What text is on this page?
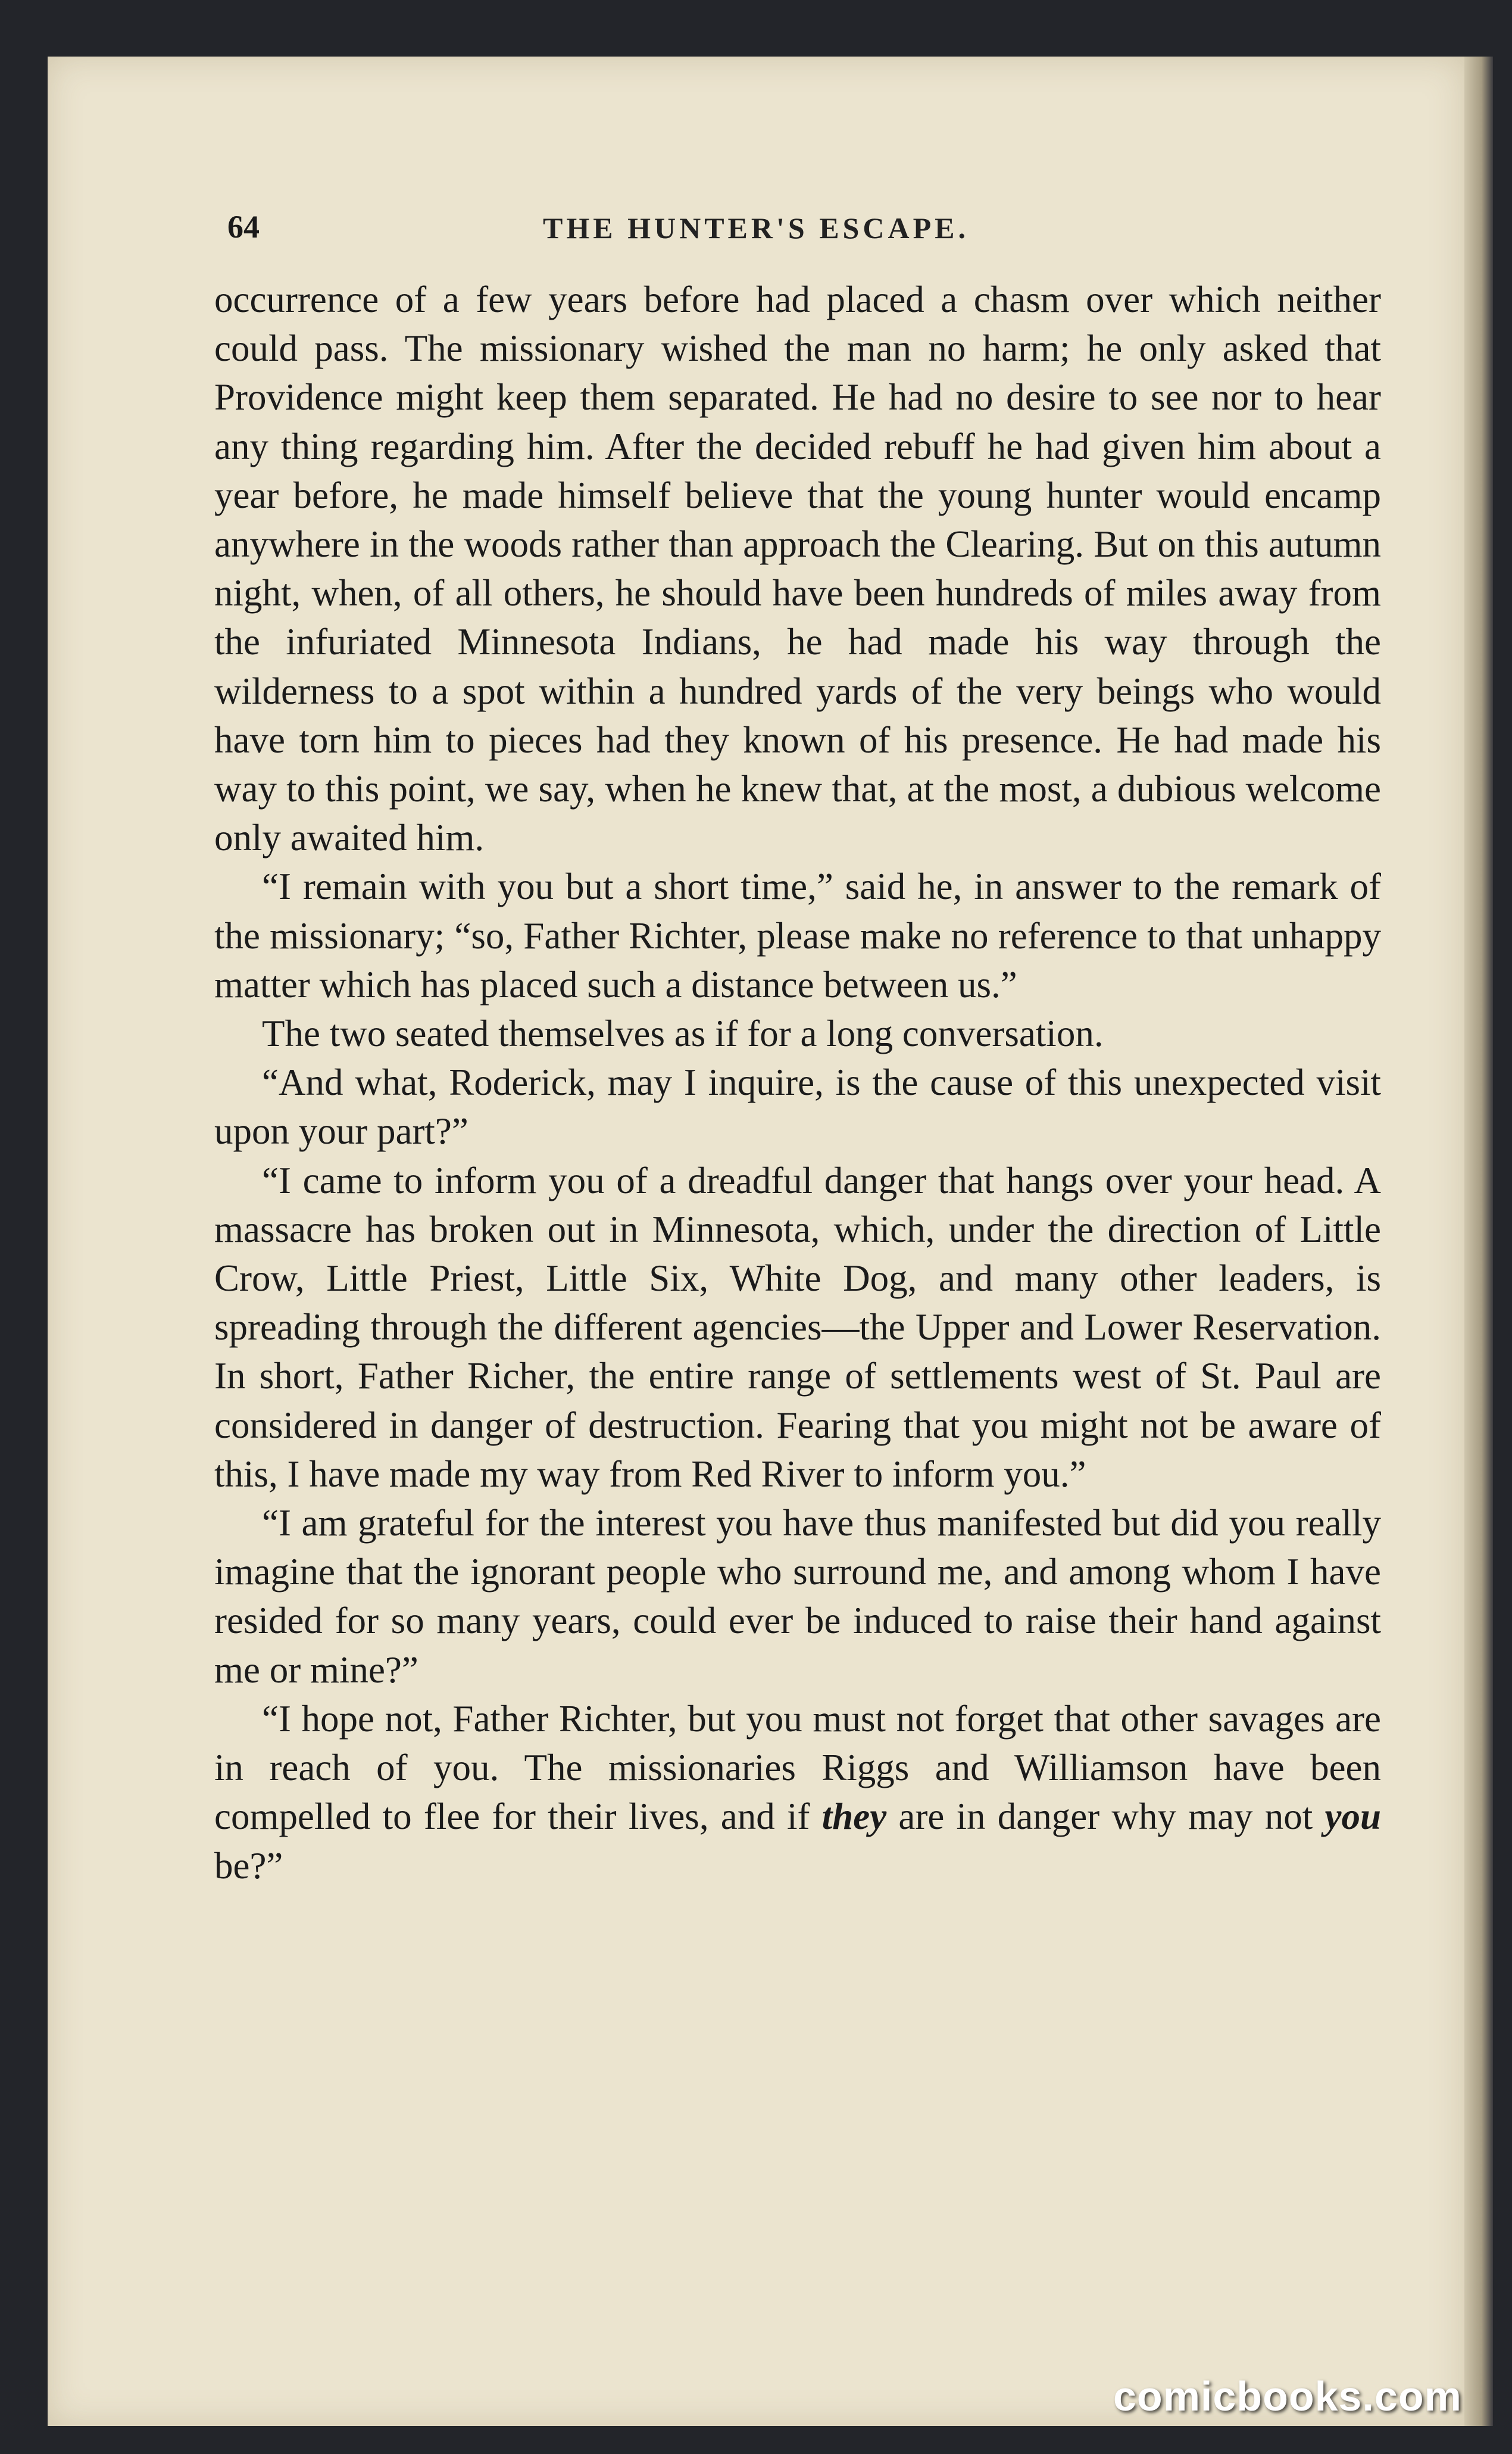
64	THE HUNTER'S ESCAPE.

occurrence of a few years before had placed a chasm over which neither could pass. The missionary wished the man no harm; he only asked that Providence might keep them separated. He had no desire to see nor to hear any thing regarding him. After the decided rebuff he had given him about a year before, he made himself believe that the young hunter would encamp anywhere in the woods rather than approach the Clearing. But on this autumn night, when, of all others, he should have been hundreds of miles away from the infuriated Minnesota Indians, he had made his way through the wilderness to a spot within a hundred yards of the very beings who would have torn him to pieces had they known of his presence. He had made his way to this point, we say, when he knew that, at the most, a dubious welcome only awaited him.

“I remain with you but a short time,” said he, in answer to the remark of the missionary; “so, Father Richter, please make no reference to that unhappy matter which has placed such a distance between us.”

The two seated themselves as if for a long conversation.

“And what, Roderick, may I inquire, is the cause of this unexpected visit upon your part?”

“I came to inform you of a dreadful danger that hangs over your head. A massacre has broken out in Minnesota, which, under the direction of Little Crow, Little Priest, Little Six, White Dog, and many other leaders, is spreading through the different agencies—the Upper and Lower Reservation. In short, Father Richer, the entire range of settlements west of St. Paul are considered in danger of destruction. Fearing that you might not be aware of this, I have made my way from Red River to inform you.”

“I am grateful for the interest you have thus manifested but did you really imagine that the ignorant people who surround me, and among whom I have resided for so many years, could ever be induced to raise their hand against me or mine?”

“I hope not, Father Richter, but you must not forget that other savages are in reach of you. The missionaries Riggs and Williamson have been compelled to flee for their lives, and if they are in danger why may not you be?”

comicbooks.com
